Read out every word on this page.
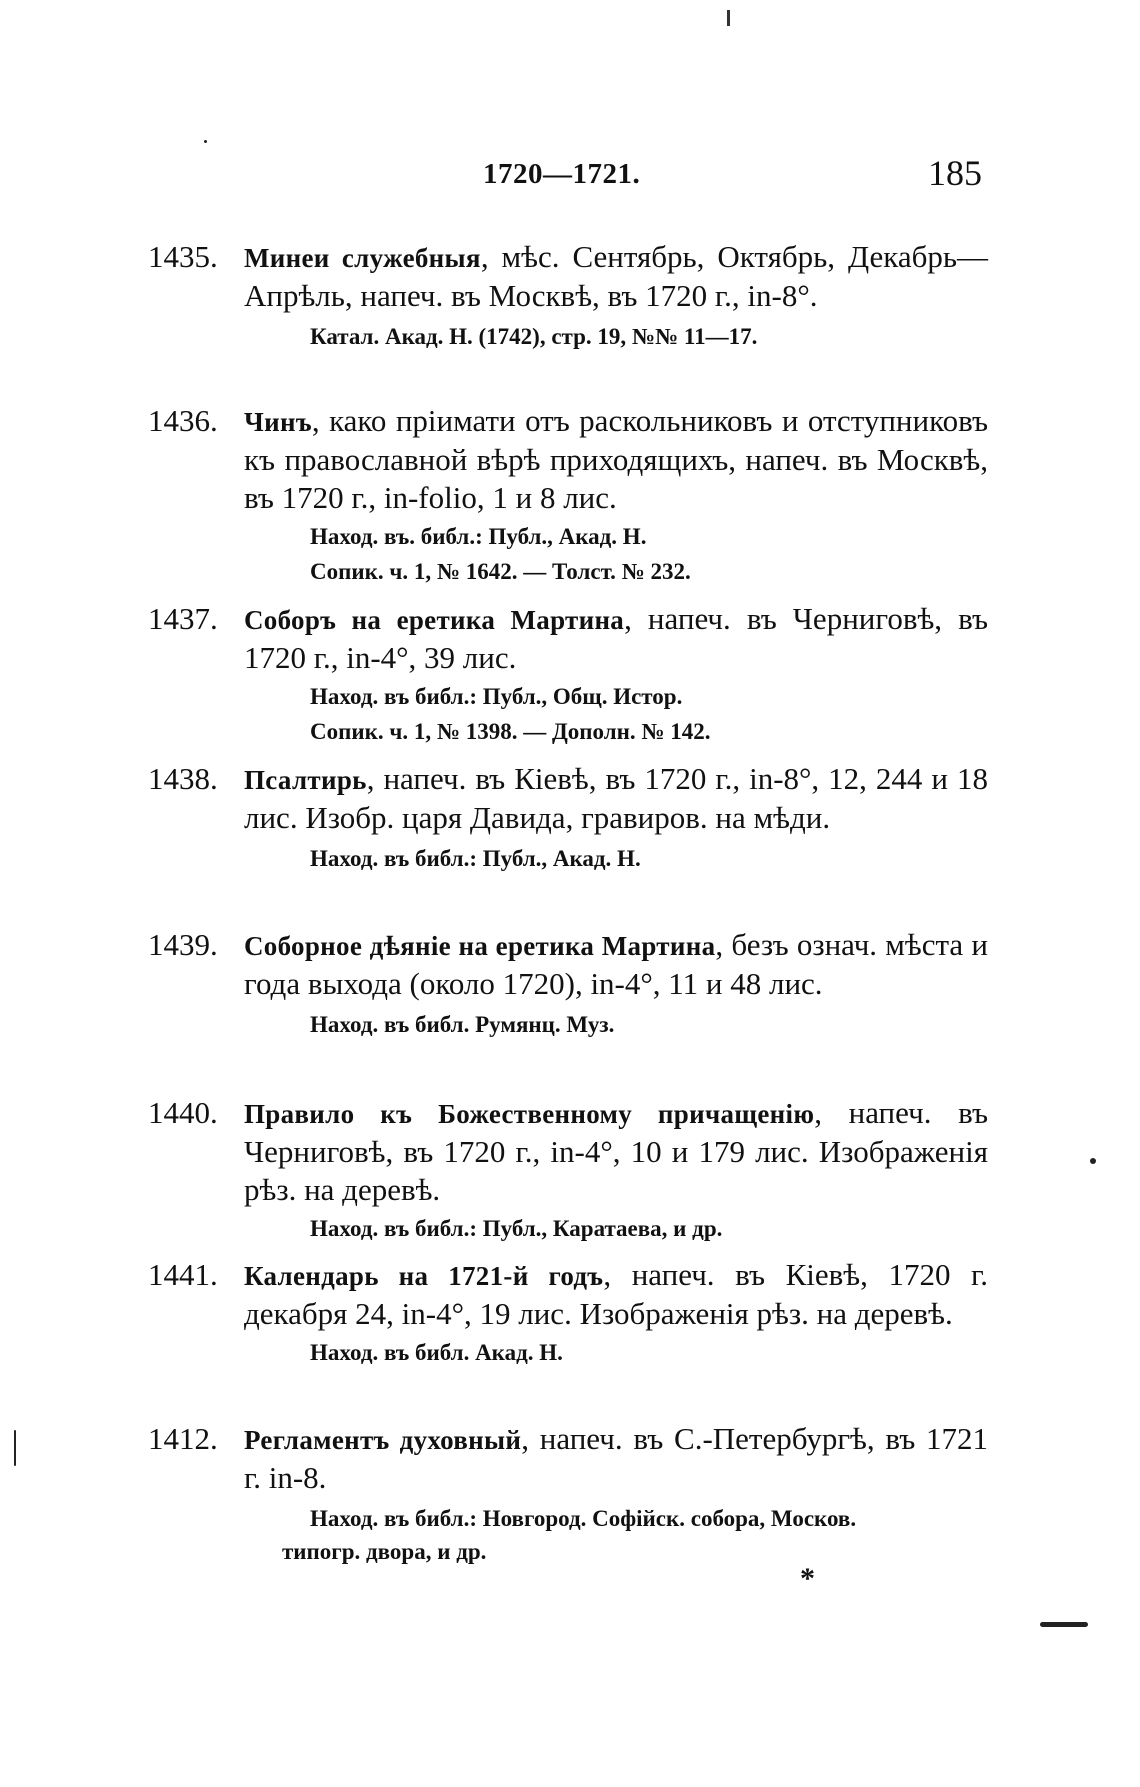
1720—1721.	185
1435. Минеи служебныя, мѣс. Сентябрь, Октябрь, Декабрь—Апрѣль, напеч. въ Москвѣ, въ 1720 г., in-8°.
Катал. Акад. Н. (1742), стр. 19, №№ 11—17.
1436. Чинъ, како пріимати отъ раскольниковъ и отступниковъ къ православной вѣрѣ приходящихъ, напеч. въ Москвѣ, въ 1720 г., in-folio, 1 и 8 лис.
Наход. въ. библ.: Публ., Акад. Н.
Сопик. ч. 1, № 1642. — Толст. № 232.
1437. Соборъ на еретика Мартина, напеч. въ Черниговѣ, въ 1720 г., in-4°, 39 лис.
Наход. въ библ.: Публ., Общ. Истор.
Сопик. ч. 1, № 1398. — Дополн. № 142.
1438. Псалтирь, напеч. въ Кіевѣ, въ 1720 г., in-8°, 12, 244 и 18 лис. Изобр. царя Давида, гравиров. на мѣди.
Наход. въ библ.: Публ., Акад. Н.
1439. Соборное дѣяніе на еретика Мартина, безъ означ. мѣста и года выхода (около 1720), in-4°, 11 и 48 лис.
Наход. въ библ. Румянц. Муз.
1440. Правило къ Божественному причащенію, напеч. въ Черниговѣ, въ 1720 г., in-4°, 10 и 179 лис. Изображенія рѣз. на деревѣ.
Наход. въ библ.: Публ., Каратаева, и др.
1441. Календарь на 1721-й годъ, напеч. въ Кіевѣ, 1720 г. декабря 24, in-4°, 19 лис. Изображенія рѣз. на деревѣ.
Наход. въ библ. Акад. Н.
1412. Регламентъ духовный, напеч. въ С.-Петербургѣ, въ 1721 г. in-8.
Наход. въ библ.: Новгород. Софійск. собора, Москов.
типогр. двора, и др.
*
